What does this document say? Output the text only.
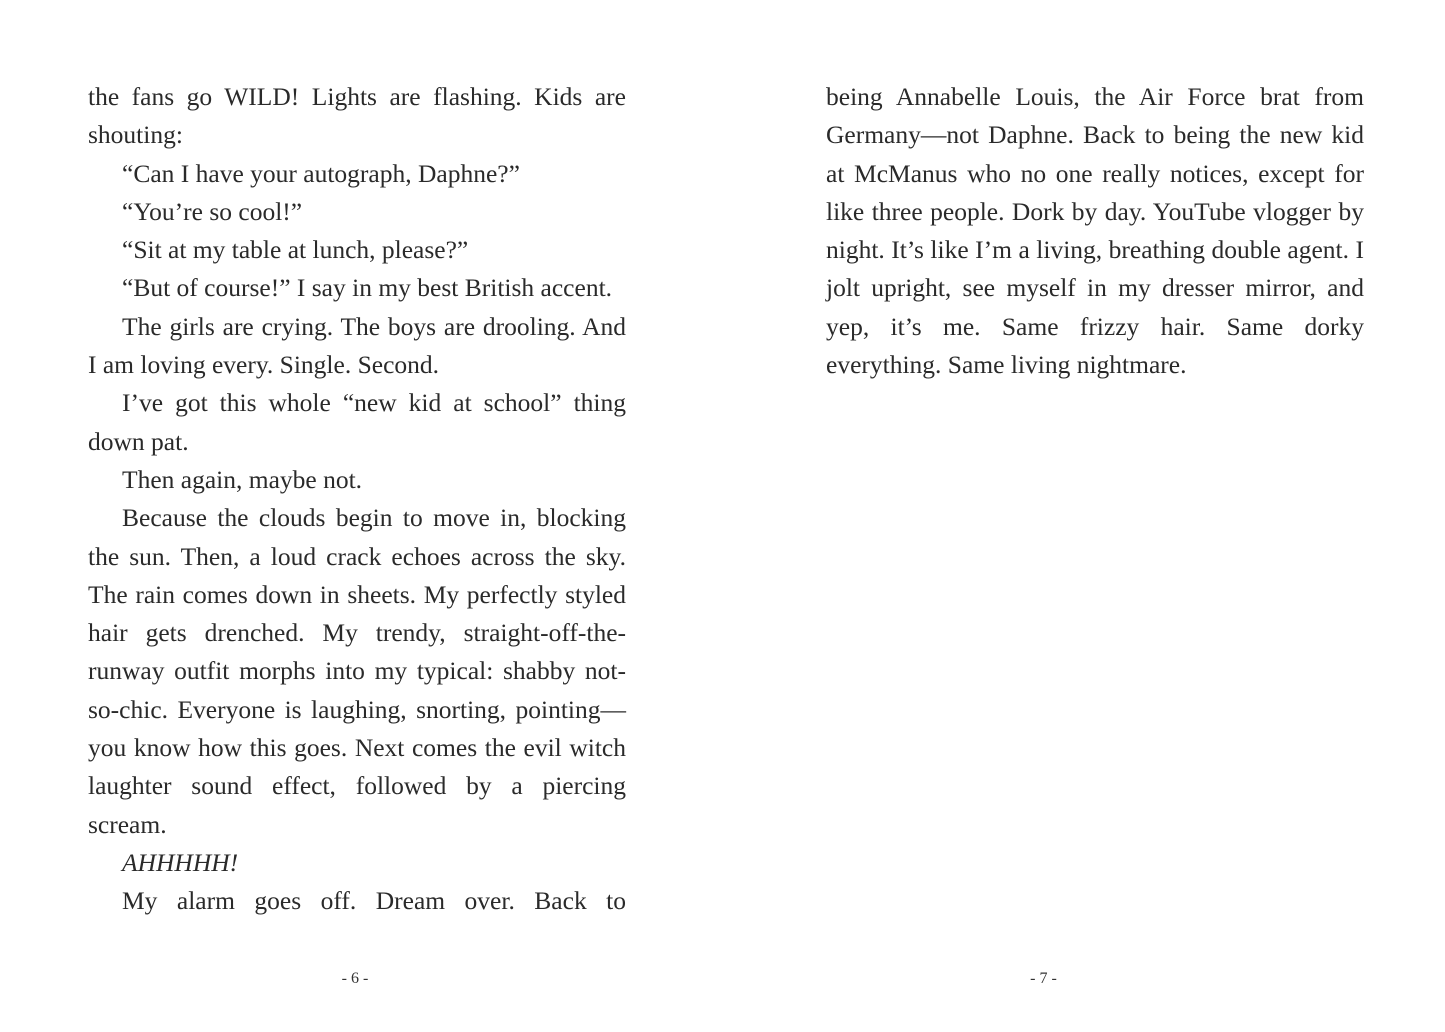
the fans go WILD! Lights are flashing. Kids are shouting:

“Can I have your autograph, Daphne?”

“You’re so cool!”

“Sit at my table at lunch, please?”

“But of course!” I say in my best British accent.

The girls are crying. The boys are drooling. And I am loving every. Single. Second.

I’ve got this whole “new kid at school” thing down pat.

Then again, maybe not.

Because the clouds begin to move in, blocking the sun. Then, a loud crack echoes across the sky. The rain comes down in sheets. My perfectly styled hair gets drenched. My trendy, straight-off-the-runway outfit morphs into my typical: shabby not-so-chic. Everyone is laughing, snorting, pointing—you know how this goes. Next comes the evil witch laughter sound effect, followed by a piercing scream.

AHHHHH!

My alarm goes off. Dream over. Back to

- 6 -

being Annabelle Louis, the Air Force brat from Germany—not Daphne. Back to being the new kid at McManus who no one really notices, except for like three people. Dork by day. YouTube vlogger by night. It’s like I’m a living, breathing double agent. I jolt upright, see myself in my dresser mirror, and yep, it’s me. Same frizzy hair. Same dorky everything. Same living nightmare.

- 7 -
